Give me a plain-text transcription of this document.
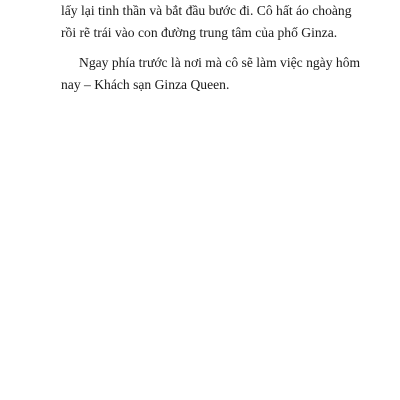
lấy lại tinh thần và bắt đầu bước đi. Cô hất áo choàng
rồi rẽ trái vào con đường trung tâm của phố Ginza.
Ngay phía trước là nơi mà cô sẽ làm việc ngày hôm
nay – Khách sạn Ginza Queen.
